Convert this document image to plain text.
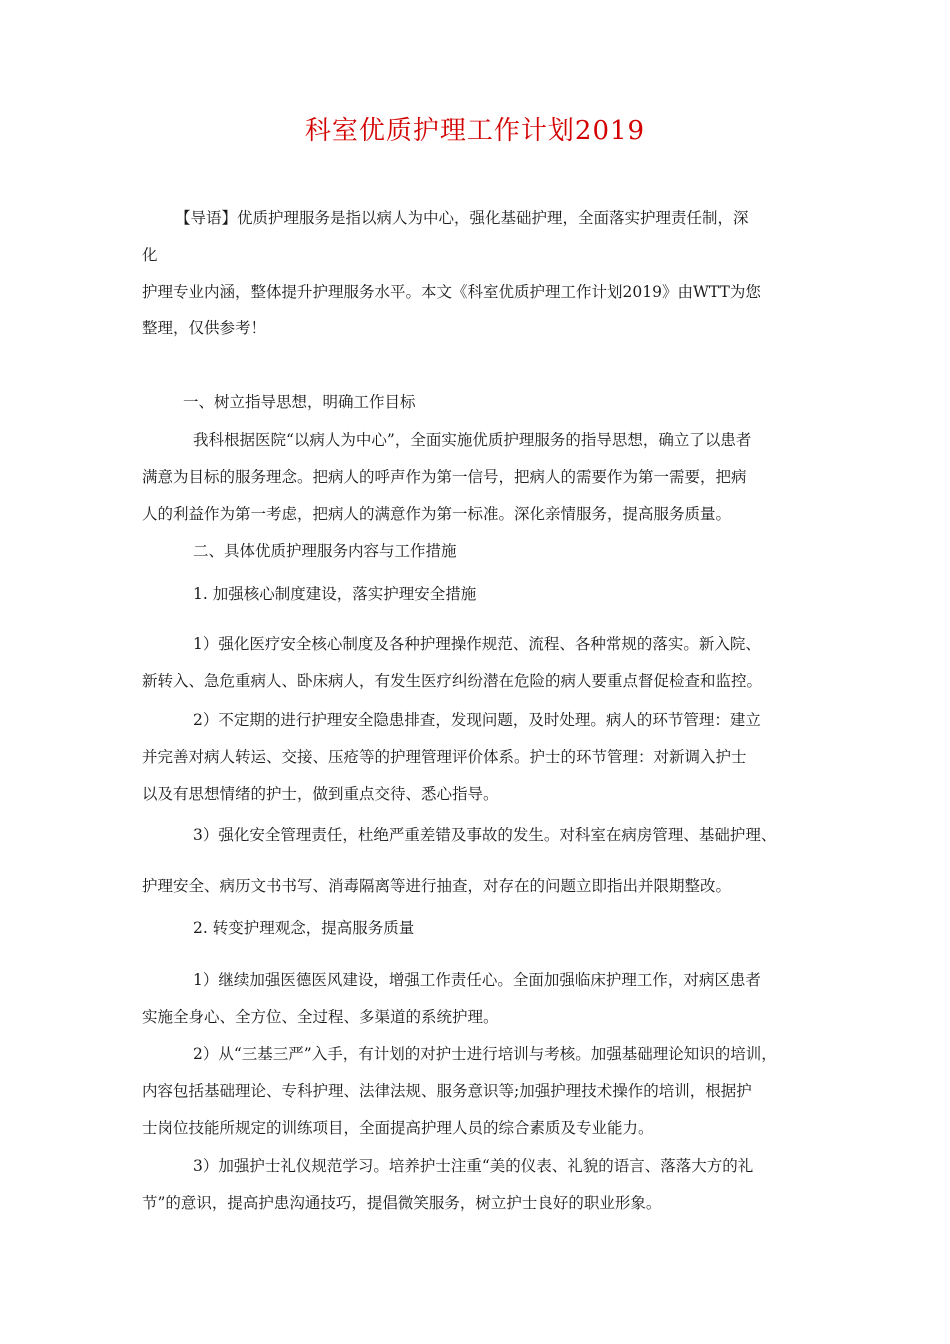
科室优质护理工作计划2019
【导语】优质护理服务是指以病人为中心，强化基础护理，全面落实护理责任制，深
化
护理专业内涵，整体提升护理服务水平。本文《科室优质护理工作计划2019》由WTT为您
整理，仅供参考！
一、树立指导思想，明确工作目标
我科根据医院“以病人为中心”，全面实施优质护理服务的指导思想，确立了以患者
满意为目标的服务理念。把病人的呼声作为第一信号，把病人的需要作为第一需要，把病
人的利益作为第一考虑，把病人的满意作为第一标准。深化亲情服务，提高服务质量。
二、具体优质护理服务内容与工作措施
1. 加强核心制度建设，落实护理安全措施
1）强化医疗安全核心制度及各种护理操作规范、流程、各种常规的落实。新入院、
新转入、急危重病人、卧床病人，有发生医疗纠纷潜在危险的病人要重点督促检查和监控。
2）不定期的进行护理安全隐患排查，发现问题，及时处理。病人的环节管理：建立
并完善对病人转运、交接、压疮等的护理管理评价体系。护士的环节管理：对新调入护士
以及有思想情绪的护士，做到重点交待、悉心指导。
3）强化安全管理责任，杜绝严重差错及事故的发生。对科室在病房管理、基础护理、
护理安全、病历文书书写、消毒隔离等进行抽查，对存在的问题立即指出并限期整改。
2. 转变护理观念，提高服务质量
1）继续加强医德医风建设，增强工作责任心。全面加强临床护理工作，对病区患者
实施全身心、全方位、全过程、多渠道的系统护理。
2）从“三基三严”入手，有计划的对护士进行培训与考核。加强基础理论知识的培训，
内容包括基础理论、专科护理、法律法规、服务意识等;加强护理技术操作的培训，根据护
士岗位技能所规定的训练项目，全面提高护理人员的综合素质及专业能力。
3）加强护士礼仪规范学习。培养护士注重“美的仪表、礼貌的语言、落落大方的礼
节”的意识，提高护患沟通技巧，提倡微笑服务，树立护士良好的职业形象。
